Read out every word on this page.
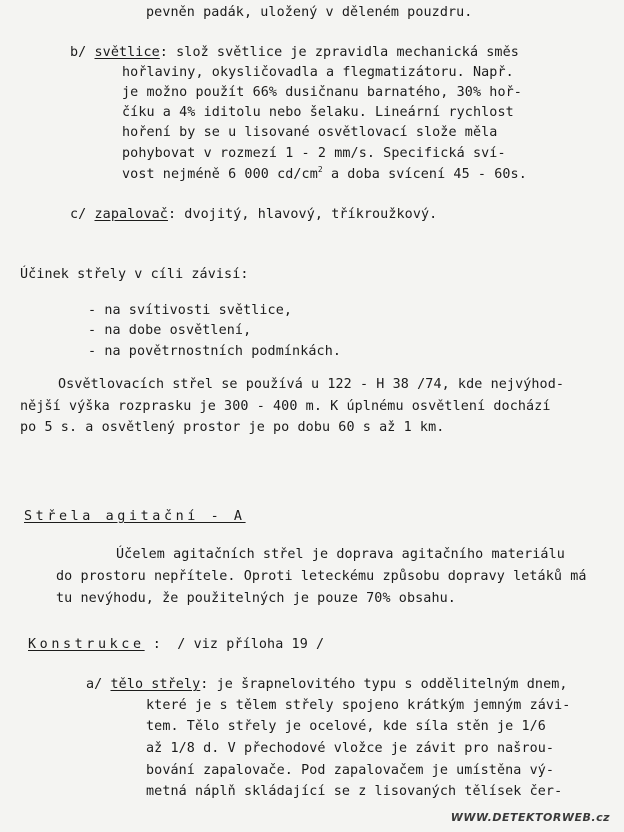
pevněn padák, uložený v děleném pouzdru.
b/ světlice: slož světlice je zpravidla mechanická směs
hořlaviny, okysličovadla a flegmatizátoru. Např.
je možno použít 66% dusičnanu barnatého, 30% hoř-
číku a 4% iditolu nebo šelaku. Lineární rychlost
hoření by se u lisované osvětlovací slože měla
pohybovat v rozmezí 1 - 2 mm/s. Specifická sví-
vost nejméně 6 000 $cd/cm^2$ a doba svícení 45 - 60s.
c/ zapalovač: dvojitý, hlavový, tříkroužkový.
Účinek střely v cíli závisí:
- na svítivosti světlice,
- na dobe osvětlení,
- na povětrnostních podmínkách.
Osvětlovacích střel se používá u 122 - H 38 /74, kde nejvýhod-
nější výška rozprasku je 300 - 400 m. K úplnému osvětlení dochází
po 5 s. a osvětlený prostor je po dobu 60 s až 1 km.
Střela agitační - A
Účelem agitačních střel je doprava agitačního materiálu
do prostoru nepřítele. Oproti leteckému způsobu dopravy letáků má
tu nevýhodu, že použitelných je pouze 70% obsahu.
Konstrukce :  / viz příloha 19 /
a/ tělo střely: je šrapnelovitého typu s oddělitelným dnem,
které je s tělem střely spojeno krátkým jemným závi-
tem. Tělo střely je ocelové, kde síla stěn je 1/6
až 1/8 d. V přechodové vložce je závit pro našrou-
bování zapalovače. Pod zapalovačem je umístěna vý-
metná náplň skládající se z lisovaných tělísek čer-
WWW.DETEKTORWEB.cz
